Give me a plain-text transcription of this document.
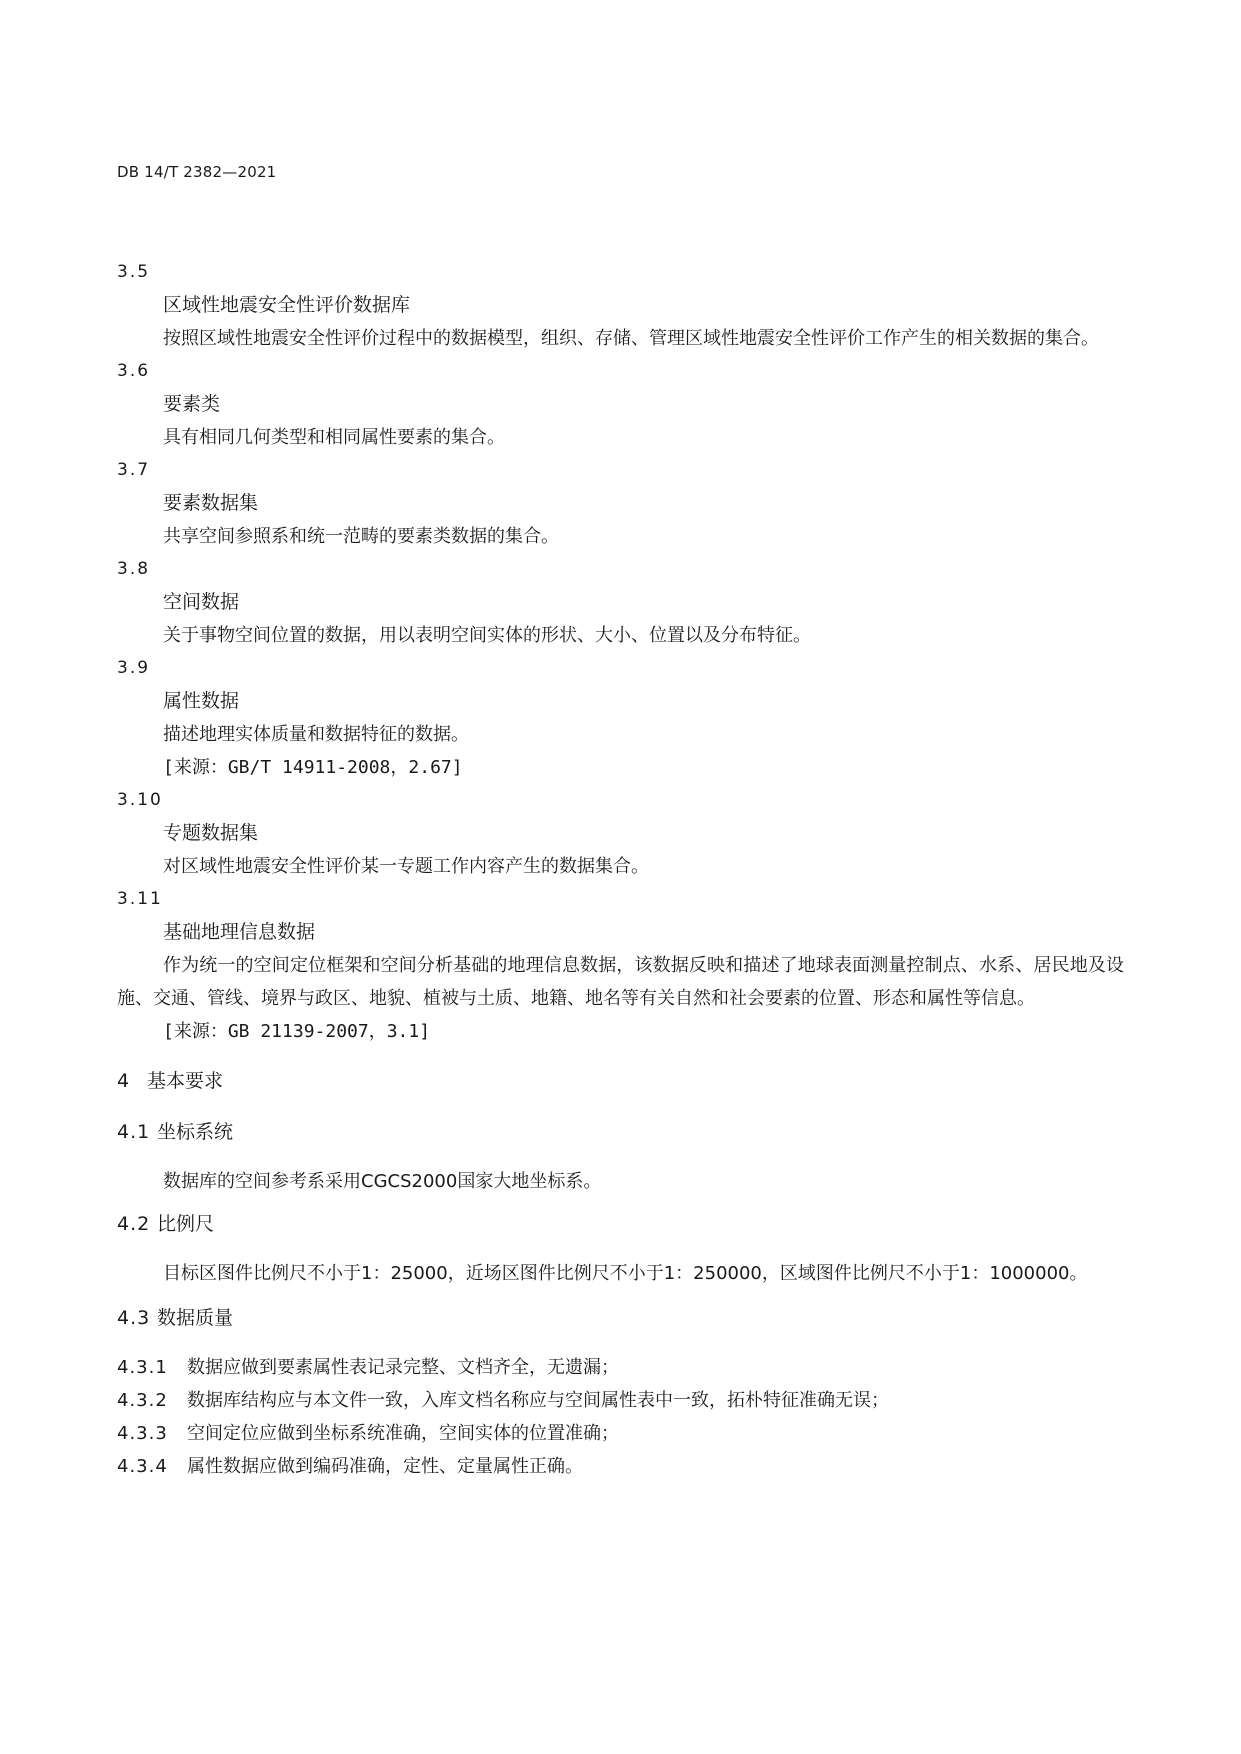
DB 14/T 2382—2021
3.5
区域性地震安全性评价数据库

按照区域性地震安全性评价过程中的数据模型，组织、存储、管理区域性地震安全性评价工作产生的相关数据的集合。

3.6
要素类

具有相同几何类型和相同属性要素的集合。

3.7
要素数据集

共享空间参照系和统一范畴的要素类数据的集合。

3.8
空间数据

关于事物空间位置的数据，用以表明空间实体的形状、大小、位置以及分布特征。

3.9
属性数据

描述地理实体质量和数据特征的数据。

[来源：GB/T 14911-2008，2.67]
3.10
专题数据集

对区域性地震安全性评价某一专题工作内容产生的数据集合。

3.11
基础地理信息数据

作为统一的空间定位框架和空间分析基础的地理信息数据，该数据反映和描述了地球表面测量控制点、水系、居民地及设施、交通、管线、境界与政区、地貌、植被与土质、地籍、地名等有关自然和社会要素的位置、形态和属性等信息。

[来源：GB 21139-2007，3.1]
4 基本要求
4.1 坐标系统

数据库的空间参考系采用CGCS2000国家大地坐标系。

4.2 比例尺

目标区图件比例尺不小于1：25000，近场区图件比例尺不小于1：250000，区域图件比例尺不小于1：1000000。

4.3 数据质量
4.3.1	数据应做到要素属性表记录完整、文档齐全，无遗漏；
4.3.2	数据库结构应与本文件一致，入库文档名称应与空间属性表中一致，拓朴特征准确无误；
4.3.3	空间定位应做到坐标系统准确，空间实体的位置准确；
4.3.4	属性数据应做到编码准确，定性、定量属性正确。
